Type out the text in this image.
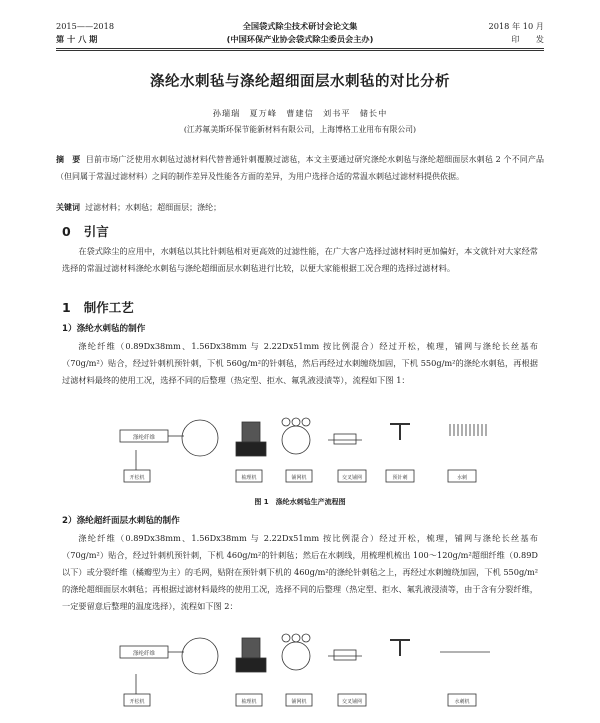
2015——2018
第 十 八 期
全国袋式除尘技术研讨会论文集
(中国环保产业协会袋式除尘委员会主办)
2018 年 10 月
印　　发
涤纶水刺毡与涤纶超细面层水刺毡的对比分析
孙瑞瑞　夏万峰　曹建信　刘书平　储长中
(江苏氟美斯环保节能新材料有限公司，上海博格工业用布有限公司)
摘　要 目前市场广泛使用水刺毡过滤材料代替普通针刺覆膜过滤毡，本文主要通过研究涤纶水刺毡与涤纶超细面层水刺毡 2 个不同产品（但同属于常温过滤材料）之间的制作差异及性能各方面的差异，为用户选择合适的常温水刺毡过滤材料提供依据。
关键词 过滤材料；水刺毡；超细面层；涤纶；
0 引言
在袋式除尘的应用中，水刺毡以其比针刺毡相对更高效的过滤性能，在广大客户选择过滤材料时更加偏好，本文就针对大家经常选择的常温过滤材料涤纶水刺毡与涤纶超细面层水刺毡进行比较，以便大家能根据工况合理的选择过滤材料。
1 制作工艺
1）涤纶水刺毡的制作
涤纶纤维（0.89Dx38mm、1.56Dx38mm 与 2.22Dx51mm 按比例混合）经过开松，梳理，铺网与涤纶长丝基布（70g/m²）贴合，经过针刺机预针刺，下机 560g/m²的针刺毡，然后再经过水刺缠绕加固，下机 550g/m²的涤纶水刺毡，再根据过滤材料最终的使用工况，选择不同的后整理（热定型、拒水、氟乳液浸渍等），流程如下图 1：
涤纶纤维
开松机	梳理机	铺网机	交叉铺网	预针刺	水刺
图 1　涤纶水刺毡生产流程图
2）涤纶超纤面层水刺毡的制作
涤纶纤维（0.89Dx38mm、1.56Dx38mm 与 2.22Dx51mm 按比例混合）经过开松，梳理，铺网与涤纶长丝基布（70g/m²）贴合，经过针刺机预针刺，下机 460g/m²的针刺毡；然后在水刺线，用梳理机梳出 100～120g/m²超细纤维（0.89D 以下）或分裂纤维（橘瓣型为主）的毛网，贴附在预针刺下机的 460g/m²的涤纶针刺毡之上，再经过水刺缠绕加固，下机 550g/m²的涤纶超细面层水刺毡；再根据过滤材料最终的使用工况，选择不同的后整理（热定型、拒水、氟乳液浸渍等，由于含有分裂纤维，一定要留意后整理的温度选择），流程如下图 2：
涤纶纤维
开松机	梳理机	铺网机	交叉铺网	水刺机
